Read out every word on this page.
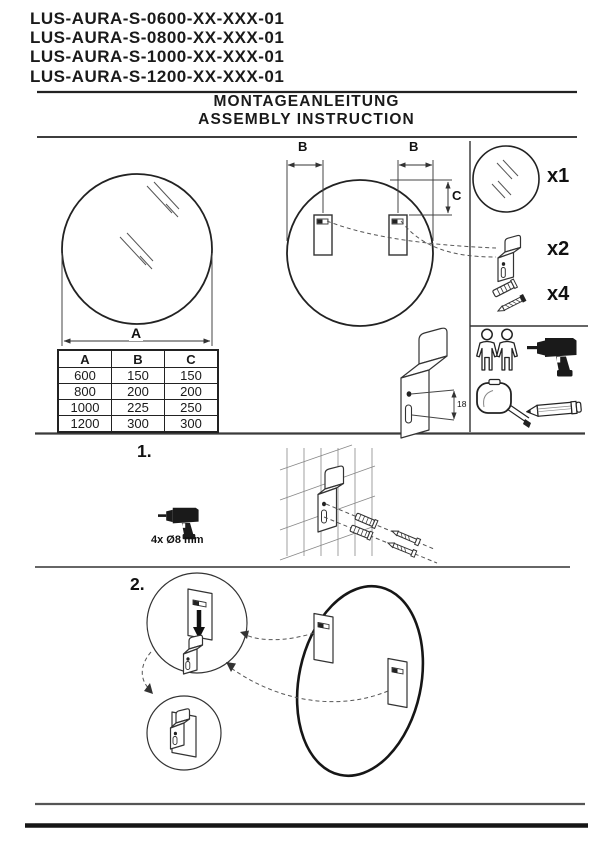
LUS-AURA-S-0600-XX-XXX-01
LUS-AURA-S-0800-XX-XXX-01
LUS-AURA-S-1000-XX-XXX-01
LUS-AURA-S-1200-XX-XXX-01
MONTAGEANLEITUNG
ASSEMBLY INSTRUCTION
A
B	B
C
18
A	B	C
600	150	150
800	200	200
1000	225	250
1200	300	300
x1
x2
x4
1.
4x Ø8 mm
2.
